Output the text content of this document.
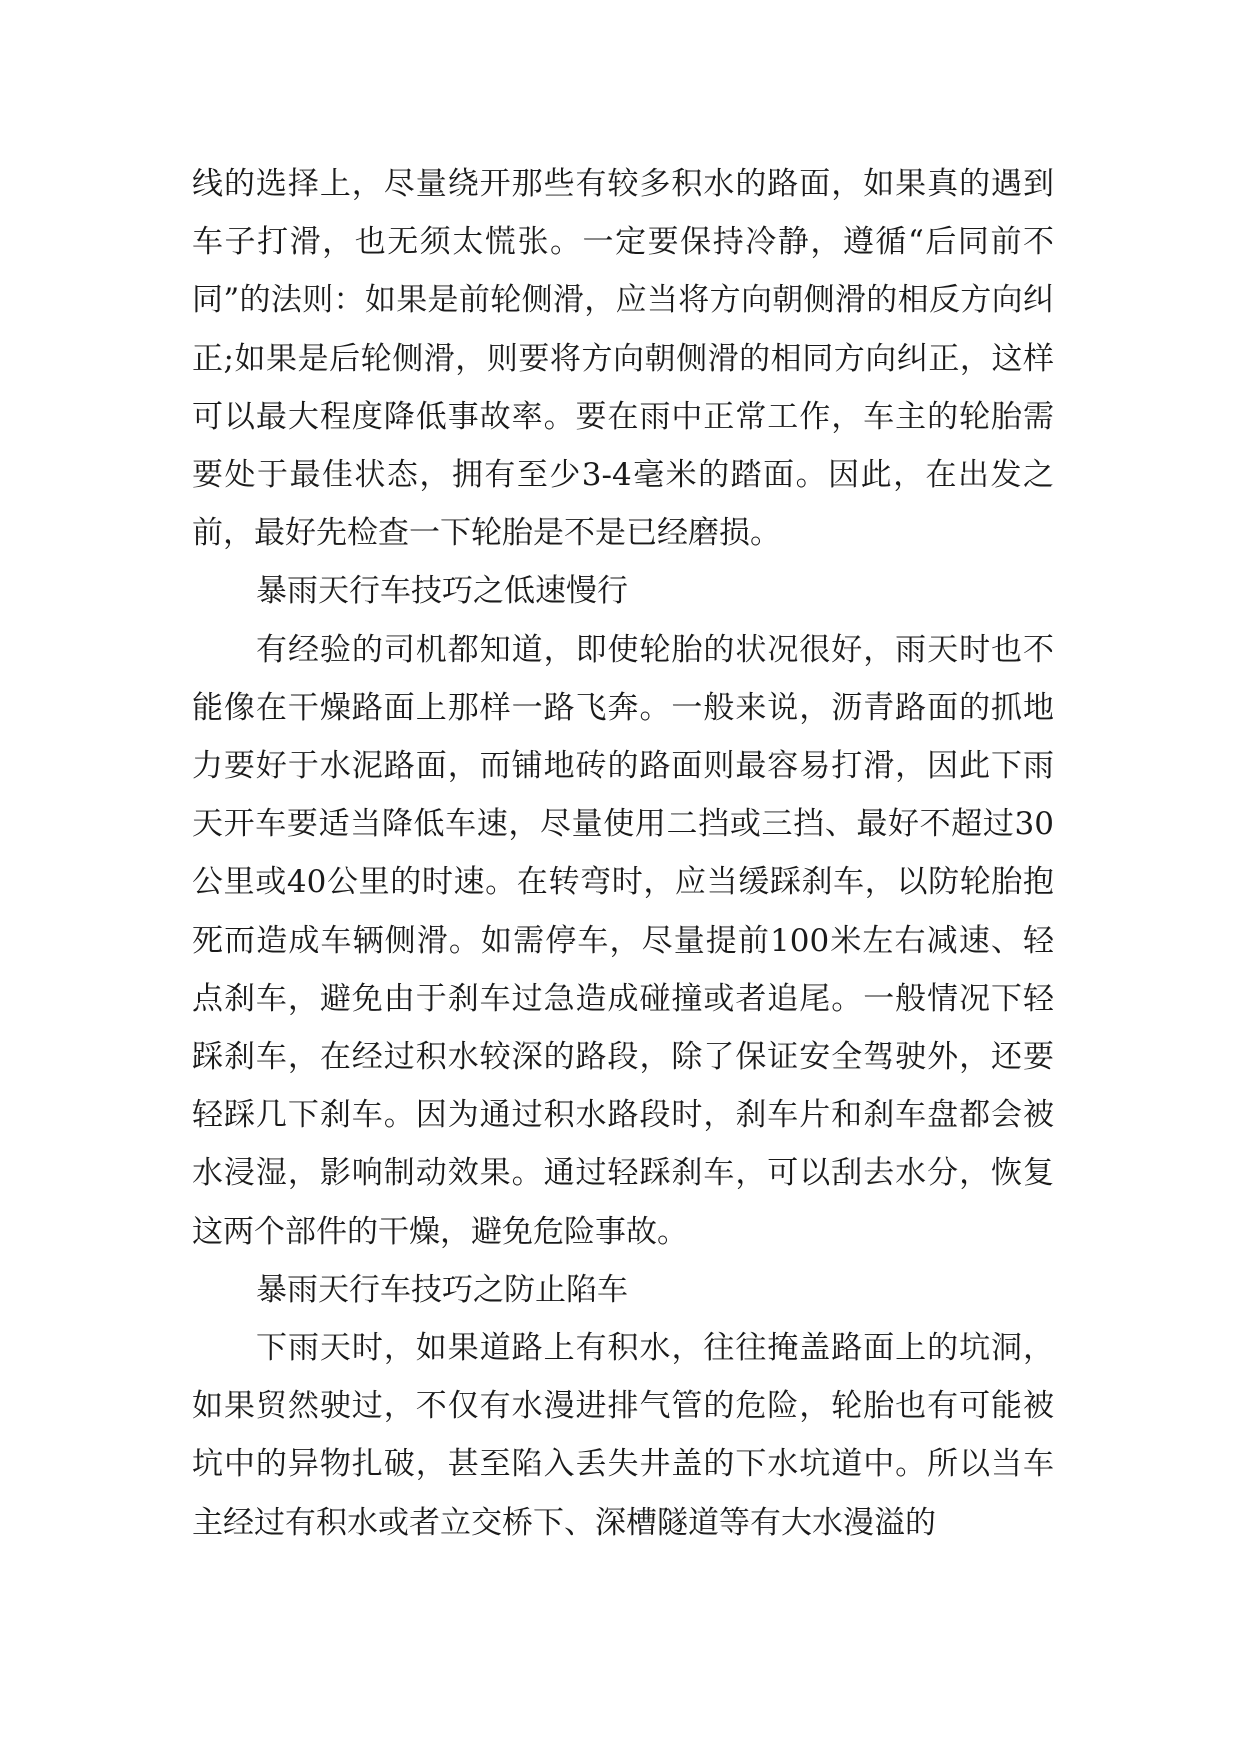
线的选择上，尽量绕开那些有较多积水的路面，如果真的遇到车子打滑，也无须太慌张。一定要保持冷静，遵循“后同前不同”的法则：如果是前轮侧滑，应当将方向朝侧滑的相反方向纠正;如果是后轮侧滑，则要将方向朝侧滑的相同方向纠正，这样可以最大程度降低事故率。要在雨中正常工作，车主的轮胎需要处于最佳状态，拥有至少3-4毫米的踏面。因此，在出发之前，最好先检查一下轮胎是不是已经磨损。

暴雨天行车技巧之低速慢行

有经验的司机都知道，即使轮胎的状况很好，雨天时也不能像在干燥路面上那样一路飞奔。一般来说，沥青路面的抓地力要好于水泥路面，而铺地砖的路面则最容易打滑，因此下雨天开车要适当降低车速，尽量使用二挡或三挡、最好不超过30公里或40公里的时速。在转弯时，应当缓踩刹车，以防轮胎抱死而造成车辆侧滑。如需停车，尽量提前100米左右减速、轻点刹车，避免由于刹车过急造成碰撞或者追尾。一般情况下轻踩刹车，在经过积水较深的路段，除了保证安全驾驶外，还要轻踩几下刹车。因为通过积水路段时，刹车片和刹车盘都会被水浸湿，影响制动效果。通过轻踩刹车，可以刮去水分，恢复这两个部件的干燥，避免危险事故。

暴雨天行车技巧之防止陷车

下雨天时，如果道路上有积水，往往掩盖路面上的坑洞，如果贸然驶过，不仅有水漫进排气管的危险，轮胎也有可能被坑中的异物扎破，甚至陷入丢失井盖的下水坑道中。所以当车主经过有积水或者立交桥下、深槽隧道等有大水漫溢的
